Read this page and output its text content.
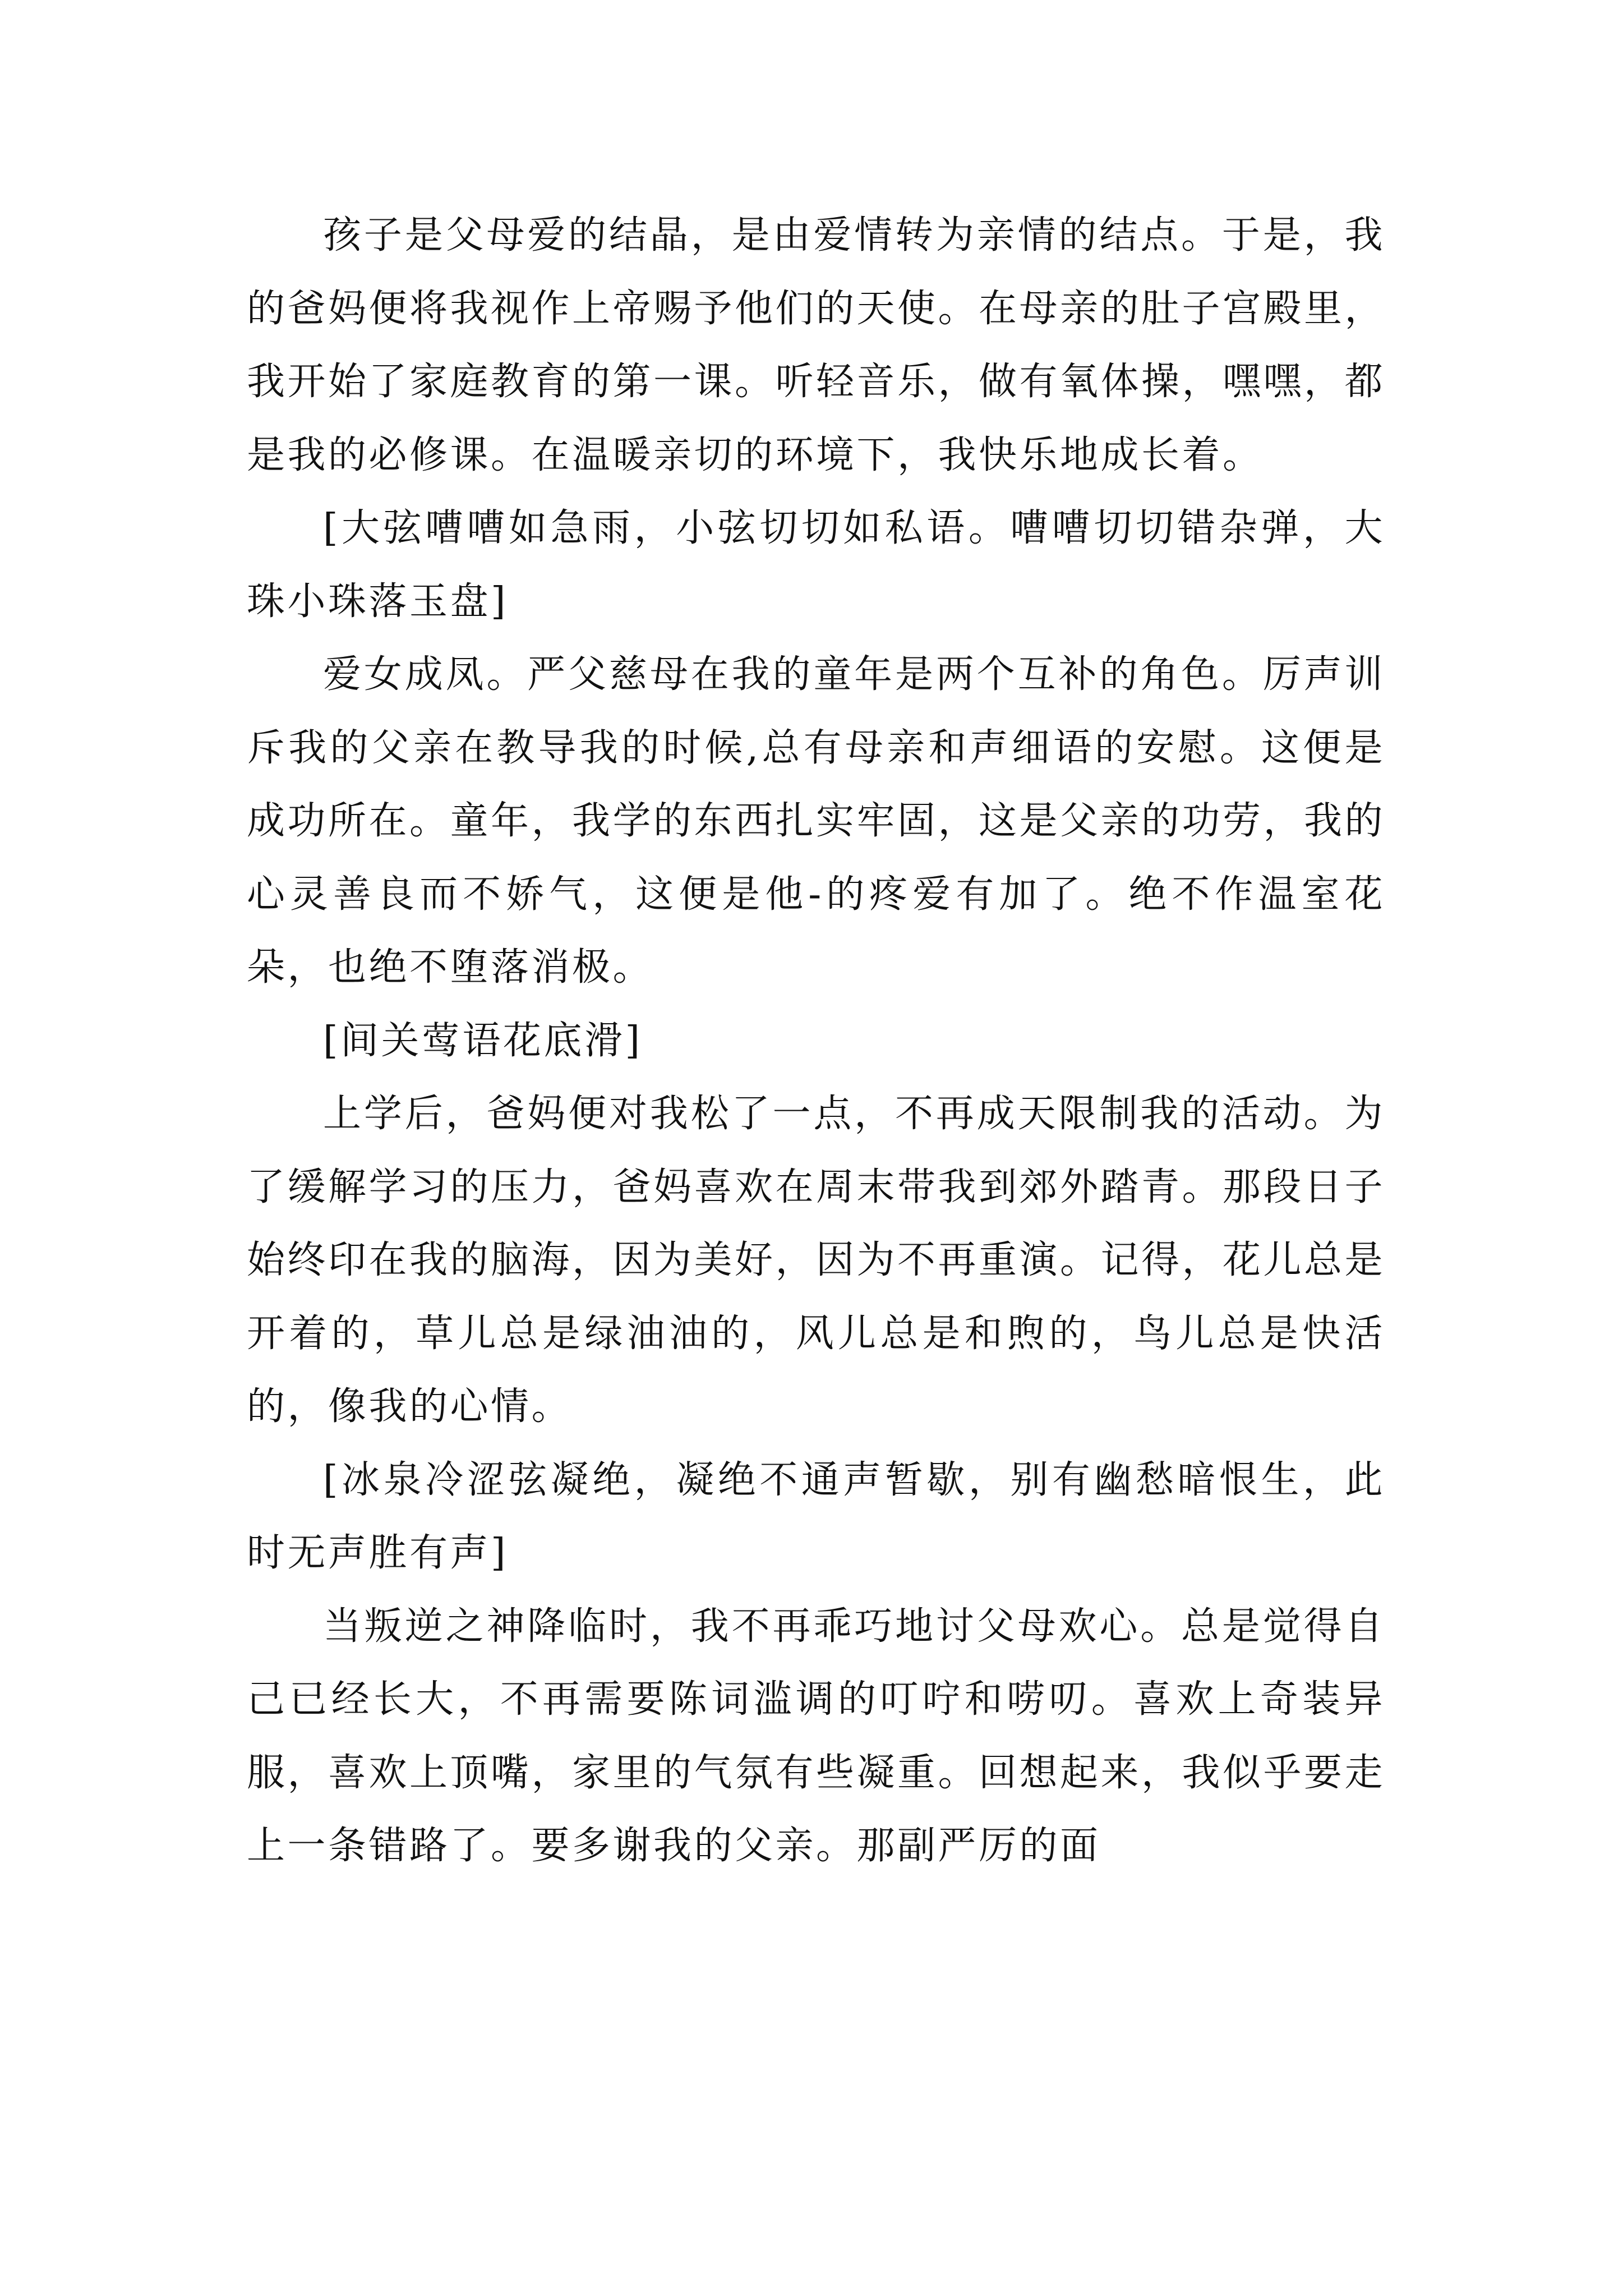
孩子是父母爱的结晶，是由爱情转为亲情的结点。于是，我的爸妈便将我视作上帝赐予他们的天使。在母亲的肚子宫殿里，我开始了家庭教育的第一课。听轻音乐，做有氧体操，嘿嘿，都是我的必修课。在温暖亲切的环境下，我快乐地成长着。

[大弦嘈嘈如急雨，小弦切切如私语。嘈嘈切切错杂弹，大珠小珠落玉盘]

爱女成凤。严父慈母在我的童年是两个互补的角色。厉声训斥我的父亲在教导我的时候,总有母亲和声细语的安慰。这便是成功所在。童年，我学的东西扎实牢固，这是父亲的功劳，我的心灵善良而不娇气，这便是他-的疼爱有加了。绝不作温室花朵，也绝不堕落消极。

[间关莺语花底滑]

上学后，爸妈便对我松了一点，不再成天限制我的活动。为了缓解学习的压力，爸妈喜欢在周末带我到郊外踏青。那段日子始终印在我的脑海，因为美好，因为不再重演。记得，花儿总是开着的，草儿总是绿油油的，风儿总是和煦的，鸟儿总是快活的，像我的心情。

[冰泉冷涩弦凝绝，凝绝不通声暂歇，别有幽愁暗恨生，此时无声胜有声]

当叛逆之神降临时，我不再乖巧地讨父母欢心。总是觉得自己已经长大，不再需要陈词滥调的叮咛和唠叨。喜欢上奇装异服，喜欢上顶嘴，家里的气氛有些凝重。回想起来，我似乎要走上一条错路了。要多谢我的父亲。那副严厉的面
